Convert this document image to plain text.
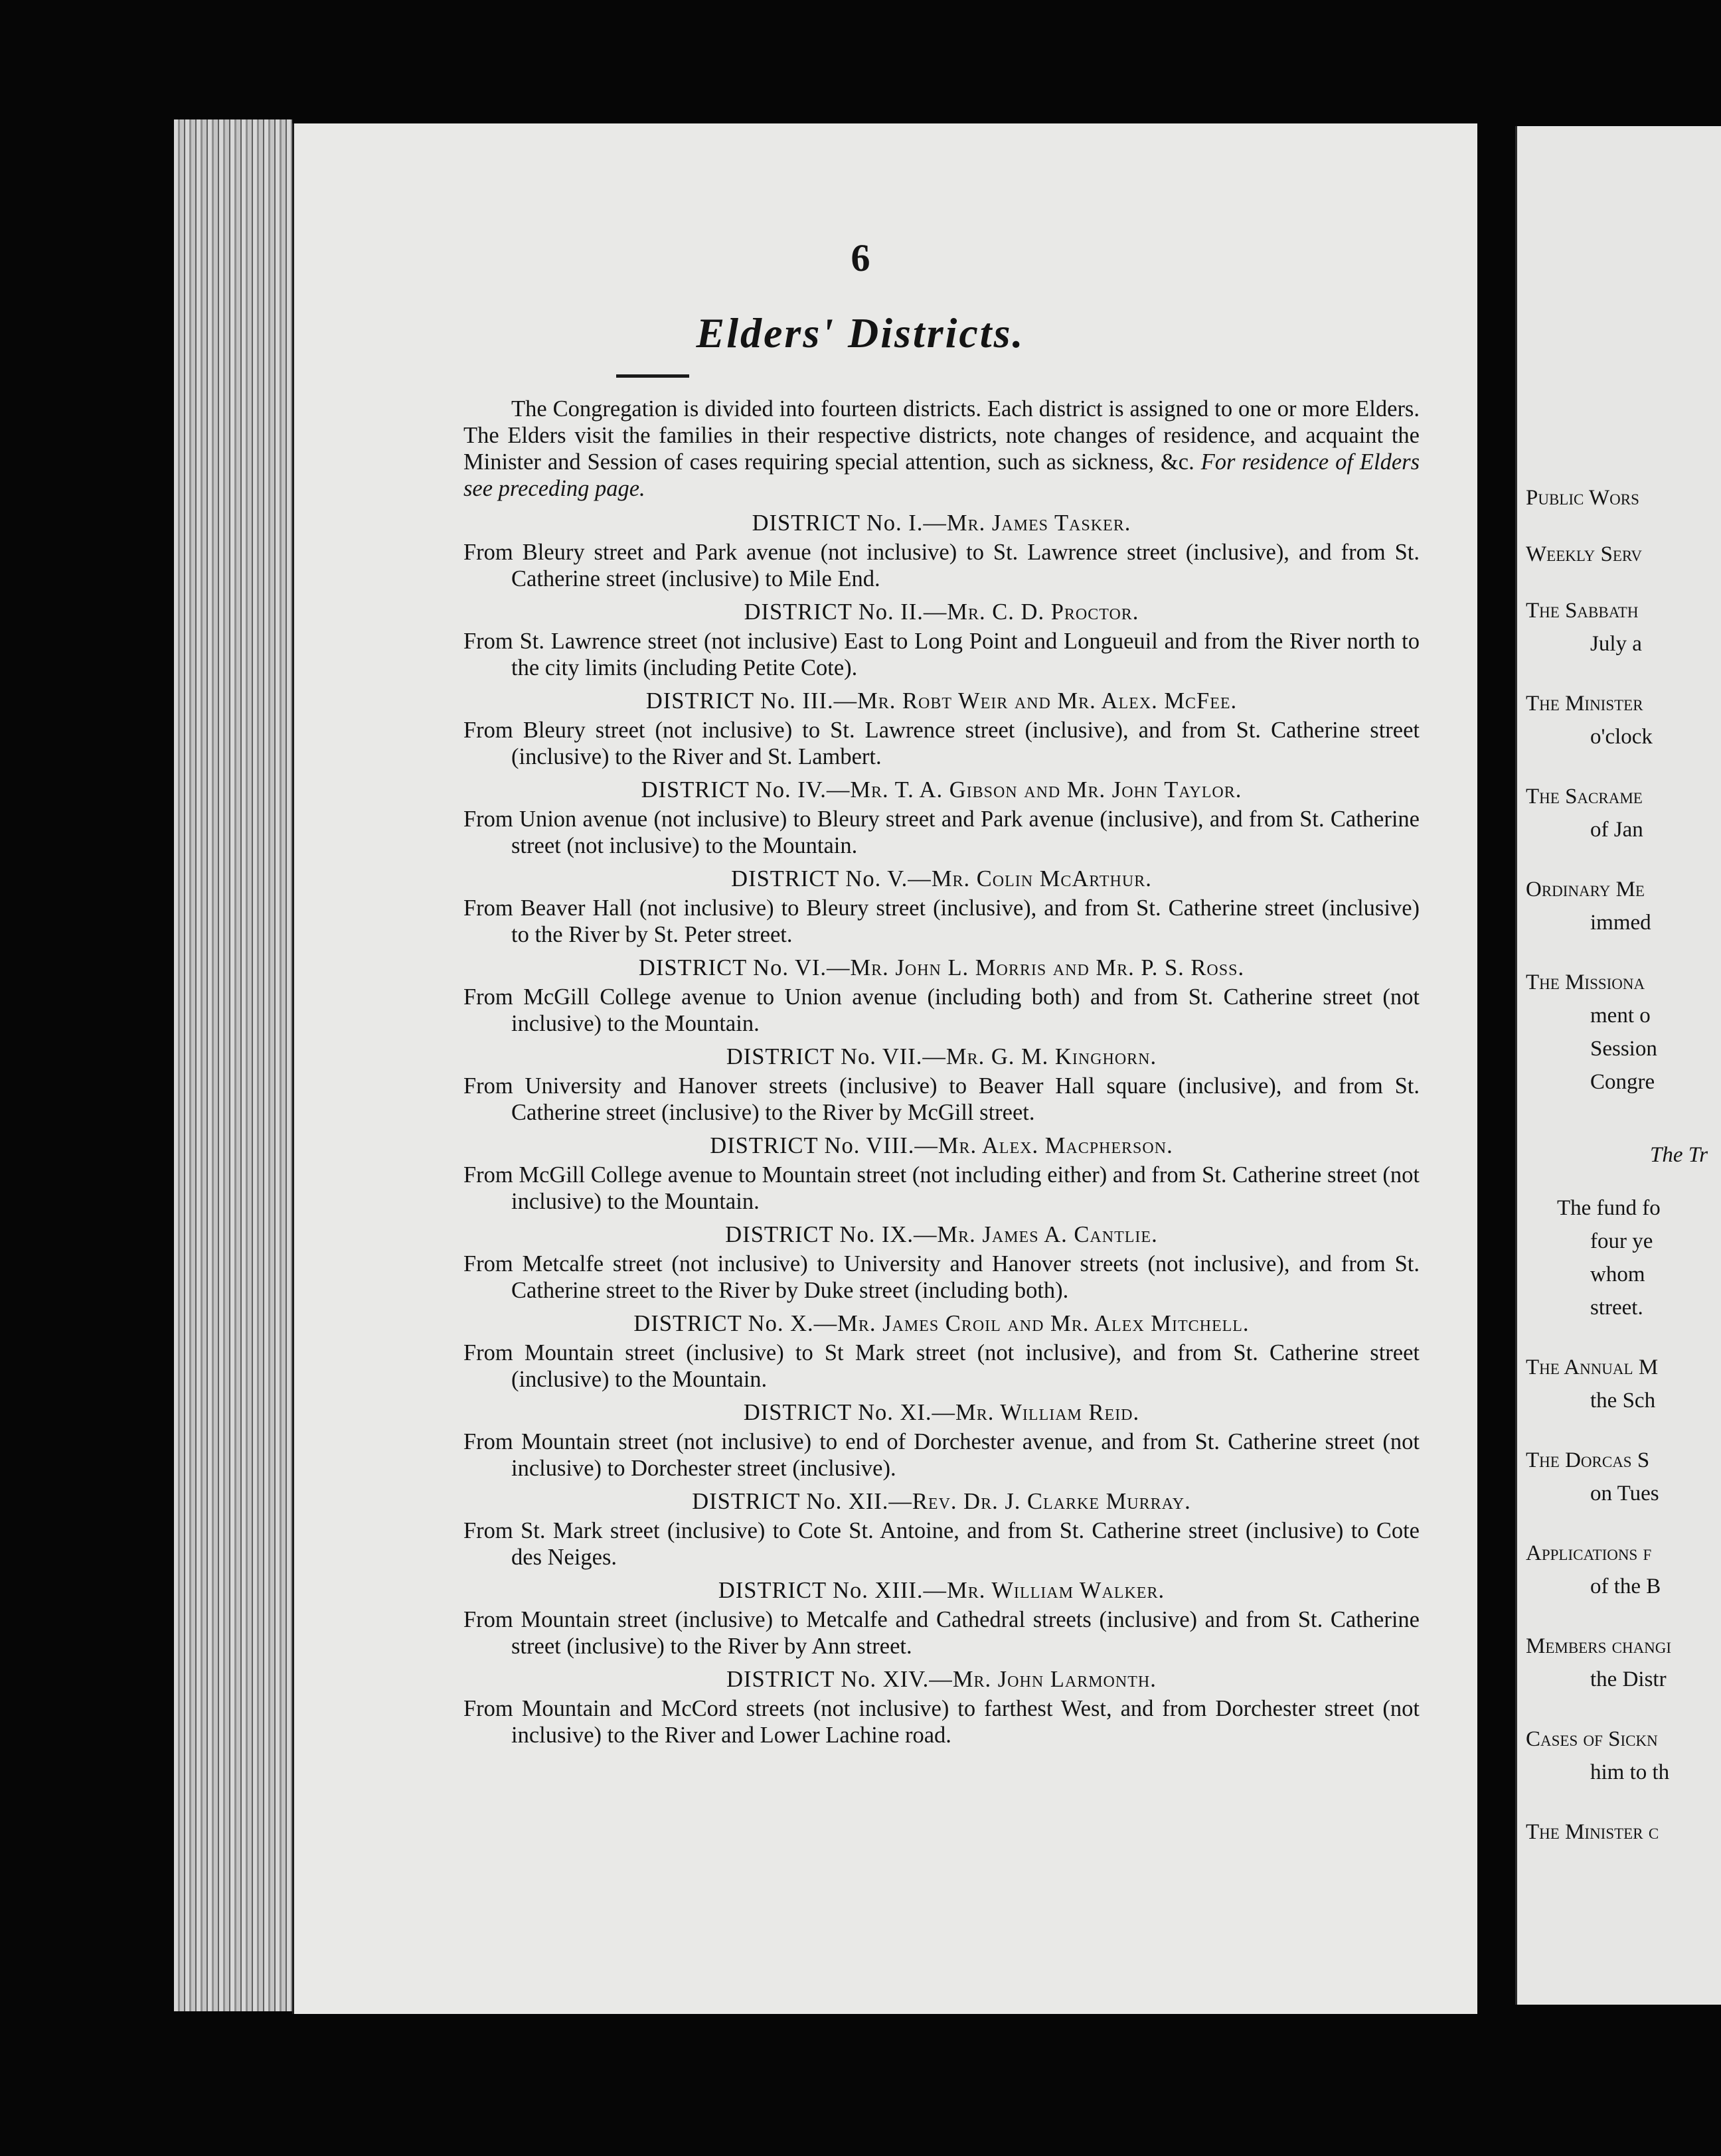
6
Elders' Districts.

The Congregation is divided into fourteen districts. Each district is assigned to one or more Elders. The Elders visit the families in their respective districts, note changes of residence, and acquaint the Minister and Session of cases requiring special attention, such as sickness, &c. For residence of Elders see preceding page.

DISTRICT No. I.—Mr. James Tasker.
From Bleury street and Park avenue (not inclusive) to St. Lawrence street (inclusive), and from St. Catherine street (inclusive) to Mile End.
DISTRICT No. II.—Mr. C. D. Proctor.
From St. Lawrence street (not inclusive) East to Long Point and Longueuil and from the River north to the city limits (including Petite Cote).
DISTRICT No. III.—Mr. Robt Weir and Mr. Alex. McFee.
From Bleury street (not inclusive) to St. Lawrence street (inclusive), and from St. Catherine street (inclusive) to the River and St. Lambert.
DISTRICT No. IV.—Mr. T. A. Gibson and Mr. John Taylor.
From Union avenue (not inclusive) to Bleury street and Park avenue (inclusive), and from St. Catherine street (not inclusive) to the Mountain.
DISTRICT No. V.—Mr. Colin McArthur.
From Beaver Hall (not inclusive) to Bleury street (inclusive), and from St. Catherine street (inclusive) to the River by St. Peter street.
DISTRICT No. VI.—Mr. John L. Morris and Mr. P. S. Ross.
From McGill College avenue to Union avenue (including both) and from St. Catherine street (not inclusive) to the Mountain.
DISTRICT No. VII.—Mr. G. M. Kinghorn.
From University and Hanover streets (inclusive) to Beaver Hall square (inclusive), and from St. Catherine street (inclusive) to the River by McGill street.
DISTRICT No. VIII.—Mr. Alex. Macpherson.
From McGill College avenue to Mountain street (not including either) and from St. Catherine street (not inclusive) to the Mountain.
DISTRICT No. IX.—Mr. James A. Cantlie.
From Metcalfe street (not inclusive) to University and Hanover streets (not inclusive), and from St. Catherine street to the River by Duke street (including both).
DISTRICT No. X.—Mr. James Croil and Mr. Alex Mitchell.
From Mountain street (inclusive) to St Mark street (not inclusive), and from St. Catherine street (inclusive) to the Mountain.
DISTRICT No. XI.—Mr. William Reid.
From Mountain street (not inclusive) to end of Dorchester avenue, and from St. Catherine street (not inclusive) to Dorchester street (inclusive).
DISTRICT No. XII.—Rev. Dr. J. Clarke Murray.
From St. Mark street (inclusive) to Cote St. Antoine, and from St. Catherine street (inclusive) to Cote des Neiges.
DISTRICT No. XIII.—Mr. William Walker.
From Mountain street (inclusive) to Metcalfe and Cathedral streets (inclusive) and from St. Catherine street (inclusive) to the River by Ann street.
DISTRICT No. XIV.—Mr. John Larmonth.
From Mountain and McCord streets (not inclusive) to farthest West, and from Dorchester street (not inclusive) to the River and Lower Lachine road.
Public Wors
Weekly Serv
The Sabbath
July a
The Minister
o'clock
The Sacrame
of Jan
Ordinary Me
immed
The Missiona
ment o
Session
Congre
The Tr
The fund fo
four ye
whom
street.
The Annual M
the Sch
The Dorcas S
on Tues
Applications f
of the B
Members changi
the Distr
Cases of Sickn
him to th
The Minister c
